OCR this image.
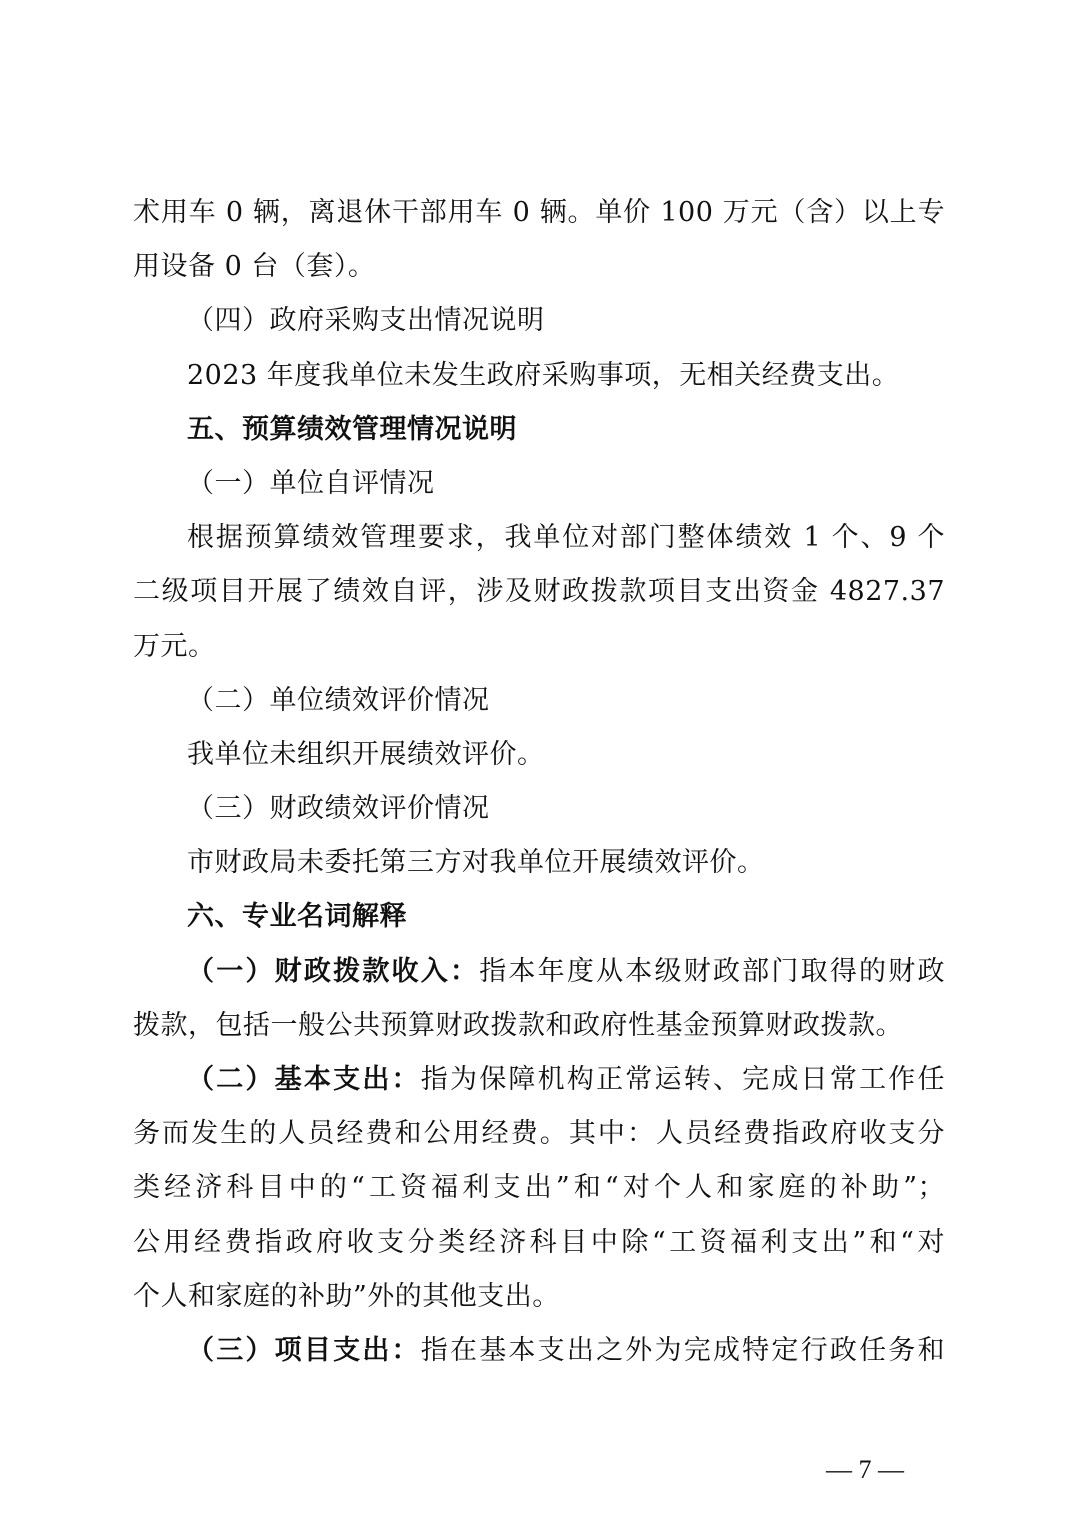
术用车 0 辆，离退休干部用车 0 辆。单价 100 万元（含）以上专
用设备 0 台（套）。
（四）政府采购支出情况说明
2023 年度我单位未发生政府采购事项，无相关经费支出。
五、预算绩效管理情况说明
（一）单位自评情况
根据预算绩效管理要求，我单位对部门整体绩效 1 个、9 个
二级项目开展了绩效自评，涉及财政拨款项目支出资金 4827.37
万元。
（二）单位绩效评价情况
我单位未组织开展绩效评价。
（三）财政绩效评价情况
市财政局未委托第三方对我单位开展绩效评价。
六、专业名词解释
（一）财政拨款收入：指本年度从本级财政部门取得的财政
拨款，包括一般公共预算财政拨款和政府性基金预算财政拨款。
（二）基本支出：指为保障机构正常运转、完成日常工作任
务而发生的人员经费和公用经费。其中：人员经费指政府收支分
类经济科目中的“工资福利支出”和“对个人和家庭的补助”；
公用经费指政府收支分类经济科目中除“工资福利支出”和“对
个人和家庭的补助”外的其他支出。
（三）项目支出：指在基本支出之外为完成特定行政任务和
— 7 —
